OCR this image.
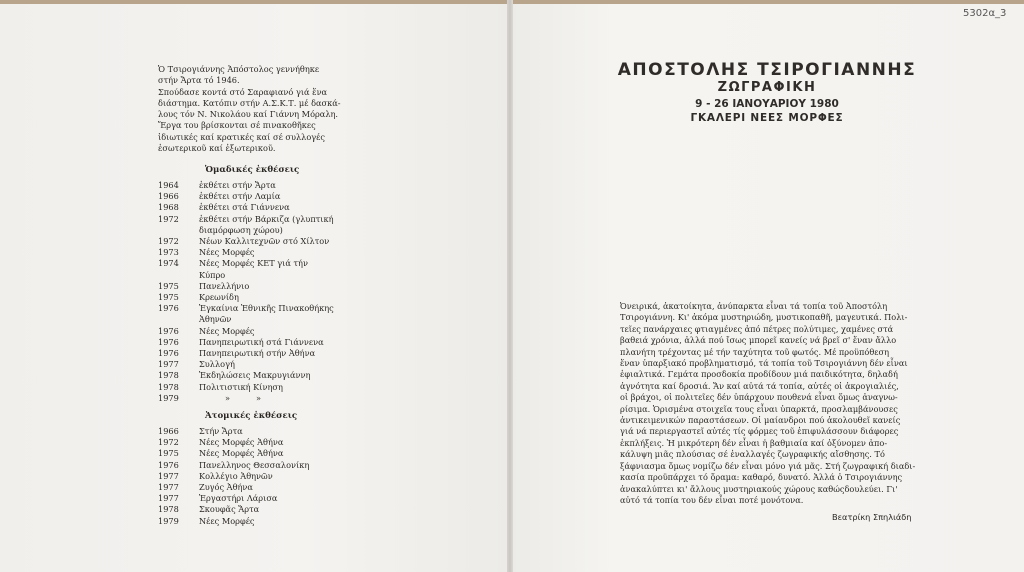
Ὁ Τσιρογιάννης Ἀπόστολος γεννήθηκε
στήν Ἄρτα τό 1946.
Σπούδασε κοντά στό Σαραφιανό γιά ἕνα
διάστημα. Κατόπιν στήν Α.Σ.Κ.Τ. μέ δασκά-
λους τόν Ν. Νικολάου καί Γιάννη Μόραλη.
Ἔργα του βρίσκονται σέ πινακοθῆκες
ἰδιωτικές καί κρατικές καί σέ συλλογές
ἐσωτερικοῦ καί ἐξωτερικοῦ.
Ὁμαδικές ἐκθέσεις
1964	ἐκθέτει στήν Ἄρτα
1966	ἐκθέτει στήν Λαμία
1968	ἐκθέτει στά Γιάννενα
1972	ἐκθέτει στήν Βάρκιζα (γλυπτική
διαμόρφωση χώρου)
1972	Νέων Καλλιτεχνῶν στό Χίλτον
1973	Νέες Μορφές
1974	Νέες Μορφές ΚΕΤ γιά τήν
Κύπρο
1975	Πανελλήνιο
1975	Κρεωνίδη
1976	Ἐγκαίνια Ἐθνικῆς Πινακοθήκης
Ἀθηνῶν
1976	Νέες Μορφές
1976	Πανηπειρωτική στά Γιάννενα
1976	Πανηπειρωτική στήν Ἀθήνα
1977	Συλλογή
1978	Ἐκδηλώσεις Μακρυγιάννη
1978	Πολιτιστική Κίνηση
1979	»          »
Ἀτομικές ἐκθέσεις
1966	Στήν Ἄρτα
1972	Νέες Μορφές Ἀθήνα
1975	Νέες Μορφές Ἀθήνα
1976	Πανελληνος Θεσσαλονίκη
1977	Κολλέγιο Ἀθηνῶν
1977	Ζυγός Ἀθήνα
1977	Ἐργαστήρι Λάρισα
1978	Σκουφᾶς Ἄρτα
1979	Νέες Μορφές
5302α_3
ΑΠΟΣΤΟΛΗΣ ΤΣΙΡΟΓΙΑΝΝΗΣ
ΖΩΓΡΑΦΙΚΗ
9 - 26 ΙΑΝΟΥΑΡΙΟΥ 1980
ΓΚΑΛΕΡΙ ΝΕΕΣ ΜΟΡΦΕΣ
Ὀνειρικά, ἀκατοίκητα, ἀνύπαρκτα εἶναι τά τοπία τοῦ Ἀποστόλη
Τσιρογιάννη. Κι' ἀκόμα μυστηριώδη, μυστικοπαθῆ, μαγευτικά. Πολι-
τεῖες πανάρχαιες φτιαγμένες ἀπό πέτρες πολύτιμες, χαμένες στά
βαθειά χρόνια, ἀλλά πού ἴσως μπορεῖ κανείς νά βρεῖ σ' ἕναν ἄλλο
πλανήτη τρέχοντας μέ τήν ταχύτητα τοῦ φωτός. Μέ προϋπόθεση
ἕναν ὑπαρξιακό προβληματισμό, τά τοπία τοῦ Τσιρογιάννη δέν εἶναι
ἐφιαλτικά. Γεμάτα προσδοκία προδίδουν μιά παιδικότητα, δηλαδή
ἀγνότητα καί δροσιά. Ἄν καί αὐτά τά τοπία, αὐτές οἱ ἀκρογιαλιές,
οἱ βράχοι, οἱ πολιτεῖες δέν ὑπάρχουν πουθενά εἶναι ὅμως ἀναγνω-
ρίσιμα. Ὁρισμένα στοιχεῖα τους εἶναι ὑπαρκτά, προσλαμβάνουσες
ἀντικειμενικών παραστάσεων. Οἱ μαίανδροι πού ἀκολουθεῖ κανείς
γιά νά περιεργαστεῖ αὐτές τίς φόρμες τοῦ ἐπιφυλάσσουν διάφορες
ἐκπλήξεις. Ἡ μικρότερη δέν εἶναι ἡ βαθμιαία καί ὀξύνομεν ἀπο-
κάλυψη μιᾶς πλούσιας σέ ἐναλλαγές ζωγραφικής αἴσθησης. Τό
ξάφνιασμα ὅμως νομίζω δέν εἶναι μόνο γιά μᾶς. Στή ζωγραφική διαδι-
κασία προϋπάρχει τό ὅραμα: καθαρό, δυνατό. Ἀλλά ὁ Τσιρογιάννης
ἀνακαλύπτει κι' ἄλλους μυστηριακούς χώρους καθώςδουλεύει. Γι'
αὐτό τά τοπία του δέν εἶναι ποτέ μονότονα.
Βεατρίκη Σπηλιάδη
